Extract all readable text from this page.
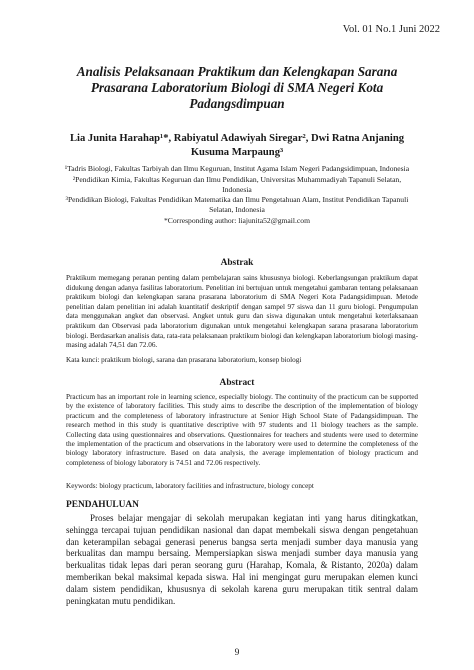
Vol. 01 No.1 Juni 2022
Analisis Pelaksanaan Praktikum dan Kelengkapan Sarana Prasarana Laboratorium Biologi di SMA Negeri Kota Padangsdimpuan
Lia Junita Harahap¹*, Rabiyatul Adawiyah Siregar², Dwi Ratna Anjaning Kusuma Marpaung³

¹Tadris Biologi, Fakultas Tarbiyah dan Ilmu Keguruan, Institut Agama Islam Negeri Padangsidimpuan, Indonesia

²Pendidikan Kimia, Fakultas Keguruan dan Ilmu Pendidikan, Universitas Muhammadiyah Tapanuli Selatan, Indonesia

³Pendidikan Biologi, Fakultas Pendidikan Matematika dan Ilmu Pengetahuan Alam, Institut Pendidikan Tapanuli Selatan, Indonesia

*Corresponding author: liajunita52@gmail.com

Abstrak
Praktikum memegang peranan penting dalam pembelajaran sains khususnya biologi. Keberlangsungan praktikum dapat didukung dengan adanya fasilitas laboratorium. Penelitian ini bertujuan untuk mengetahui gambaran tentang pelaksanaan praktikum biologi dan kelengkapan sarana prasarana laboratorium di SMA Negeri Kota Padangsidimpuan. Metode penelitian dalam penelitian ini adalah kuantitatif deskriptif dengan sampel 97 siswa dan 11 guru biologi. Pengumpulan data menggunakan angket dan observasi. Angket untuk guru dan siswa digunakan untuk mengetahui keterlaksanaan praktikum dan Observasi pada laboratorium digunakan untuk mengetahui kelengkapan sarana prasarana laboratorium biologi. Berdasarkan analisis data, rata-rata pelaksanaan praktikum biologi dan kelengkapan laboratorium biologi masing-masing adalah 74,51 dan 72.06.
Kata kunci: praktikum biologi, sarana dan prasarana laboratorium, konsep biologi
Abstract
Practicum has an important role in learning science, especially biology. The continuity of the practicum can be supported by the existence of laboratory facilities. This study aims to describe the description of the implementation of biology practicum and the completeness of laboratory infrastructure at Senior High School State of Padangsidimpuan. The research method in this study is quantitative descriptive with 97 students and 11 biology teachers as the sample. Collecting data using questionnaires and observations. Questionnaires for teachers and students were used to determine the implementation of the practicum and observations in the laboratory were used to determine the completeness of the biology laboratory infrastructure. Based on data analysis, the average implementation of biology practicum and completeness of biology laboratory is 74.51 and 72.06 respectively.
Keywords: biology practicum, laboratory facilities and infrastructure, biology concept
PENDAHULUAN

Proses belajar mengajar di sekolah merupakan kegiatan inti yang harus ditingkatkan, sehingga tercapai tujuan pendidikan nasional dan dapat membekali siswa dengan pengetahuan dan keterampilan sebagai generasi penerus bangsa serta menjadi sumber daya manusia yang berkualitas dan mampu bersaing. Mempersiapkan siswa menjadi sumber daya manusia yang berkualitas tidak lepas dari peran seorang guru (Harahap, Komala, & Ristanto, 2020a) dalam memberikan bekal maksimal kepada siswa. Hal ini mengingat guru merupakan elemen kunci dalam sistem pendidikan, khususnya di sekolah karena guru merupakan titik sentral dalam peningkatan mutu pendidikan.

9
